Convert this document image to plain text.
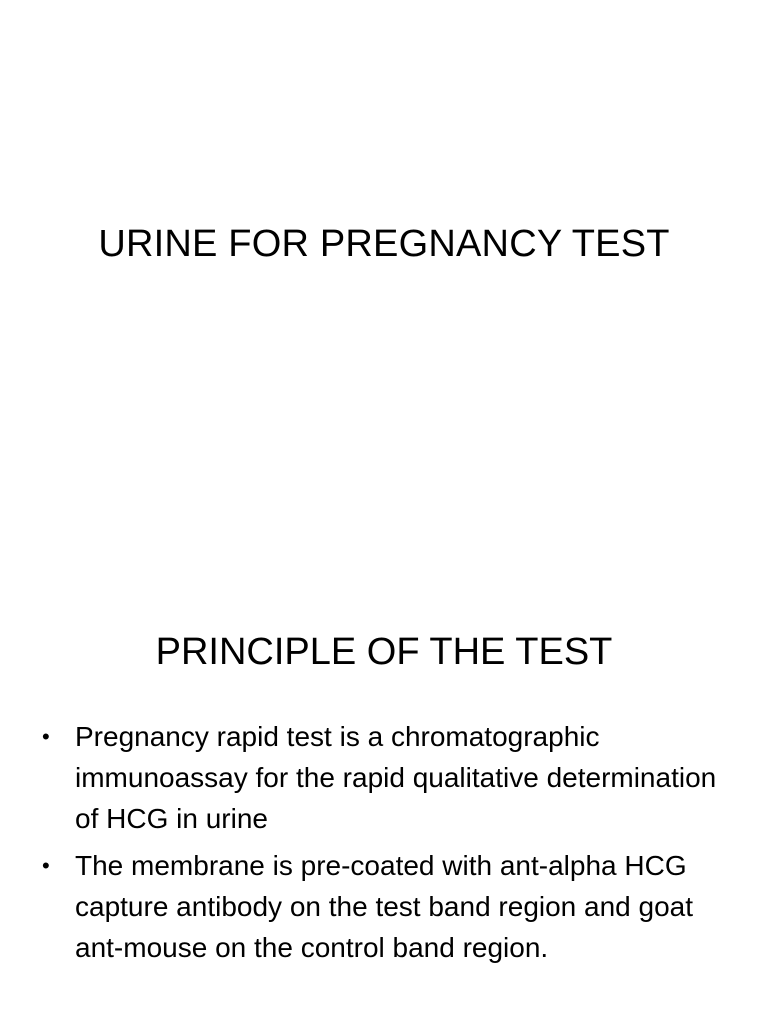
URINE FOR PREGNANCY TEST
PRINCIPLE OF THE TEST
• Pregnancy rapid test is a chromatographic immunoassay for the rapid qualitative determination of HCG in urine
• The membrane is pre-coated with ant-alpha HCG capture antibody on the test band region and goat ant-mouse on the control band region.
